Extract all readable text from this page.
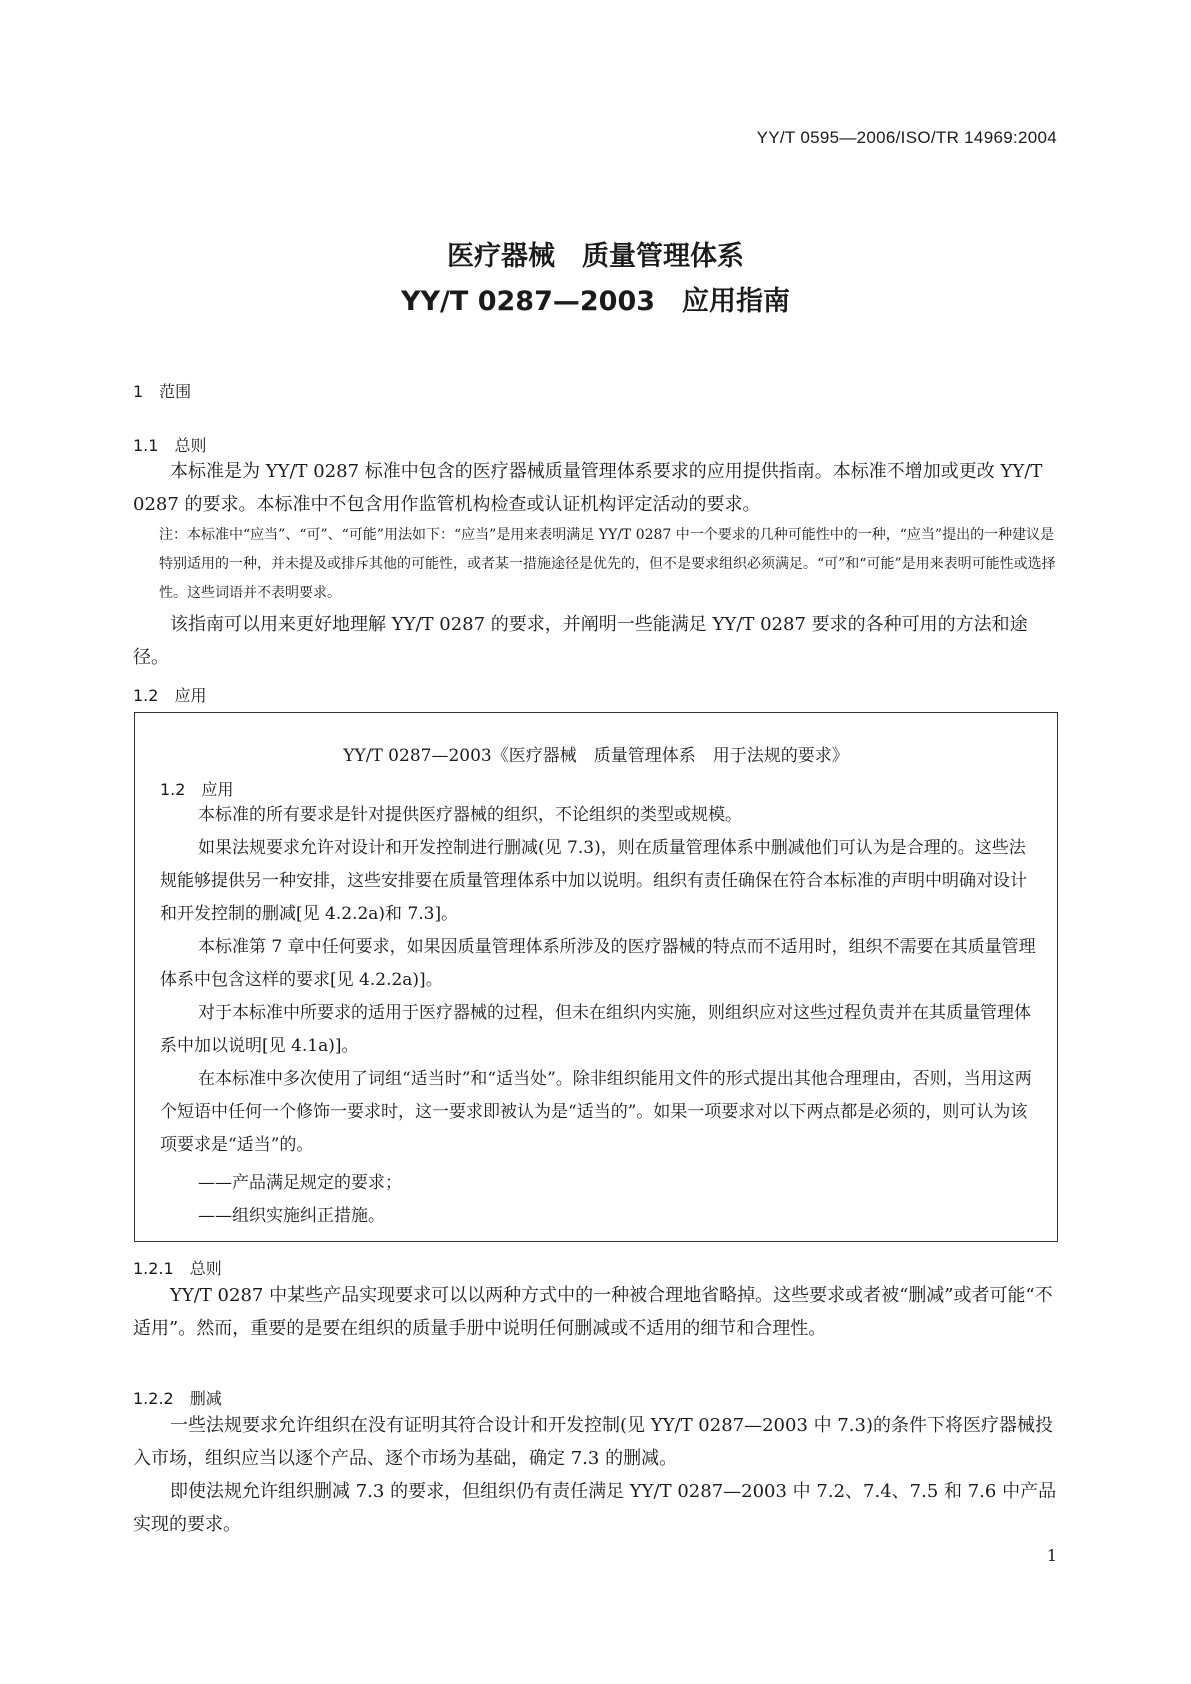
YY/T 0595—2006/ISO/TR 14969:2004
医疗器械　质量管理体系
YY/T 0287—2003　应用指南
1　范围
1.1　总则

本标准是为 YY/T 0287 标准中包含的医疗器械质量管理体系要求的应用提供指南。本标准不增加或更改 YY/T 0287 的要求。本标准中不包含用作监管机构检查或认证机构评定活动的要求。

注：本标准中“应当”、“可”、“可能”用法如下：“应当”是用来表明满足 YY/T 0287 中一个要求的几种可能性中的一种，“应当”提出的一种建议是特别适用的一种，并未提及或排斥其他的可能性，或者某一措施途径是优先的，但不是要求组织必须满足。“可”和“可能”是用来表明可能性或选择性。这些词语并不表明要求。

该指南可以用来更好地理解 YY/T 0287 的要求，并阐明一些能满足 YY/T 0287 要求的各种可用的方法和途径。

1.2　应用
YY/T 0287—2003《医疗器械　质量管理体系　用于法规的要求》
1.2　应用

本标准的所有要求是针对提供医疗器械的组织，不论组织的类型或规模。

如果法规要求允许对设计和开发控制进行删减(见 7.3)，则在质量管理体系中删减他们可认为是合理的。这些法规能够提供另一种安排，这些安排要在质量管理体系中加以说明。组织有责任确保在符合本标准的声明中明确对设计和开发控制的删减[见 4.2.2a)和 7.3]。

本标准第 7 章中任何要求，如果因质量管理体系所涉及的医疗器械的特点而不适用时，组织不需要在其质量管理体系中包含这样的要求[见 4.2.2a)]。

对于本标准中所要求的适用于医疗器械的过程，但未在组织内实施，则组织应对这些过程负责并在其质量管理体系中加以说明[见 4.1a)]。

在本标准中多次使用了词组“适当时”和“适当处”。除非组织能用文件的形式提出其他合理理由，否则，当用这两个短语中任何一个修饰一要求时，这一要求即被认为是“适当的”。如果一项要求对以下两点都是必须的，则可认为该项要求是“适当”的。

——产品满足规定的要求；
——组织实施纠正措施。
1.2.1　总则

YY/T 0287 中某些产品实现要求可以以两种方式中的一种被合理地省略掉。这些要求或者被“删减”或者可能“不适用”。然而，重要的是要在组织的质量手册中说明任何删减或不适用的细节和合理性。

1.2.2　删减

一些法规要求允许组织在没有证明其符合设计和开发控制(见 YY/T 0287—2003 中 7.3)的条件下将医疗器械投入市场，组织应当以逐个产品、逐个市场为基础，确定 7.3 的删减。

即使法规允许组织删减 7.3 的要求，但组织仍有责任满足 YY/T 0287—2003 中 7.2、7.4、7.5 和 7.6 中产品实现的要求。

1
